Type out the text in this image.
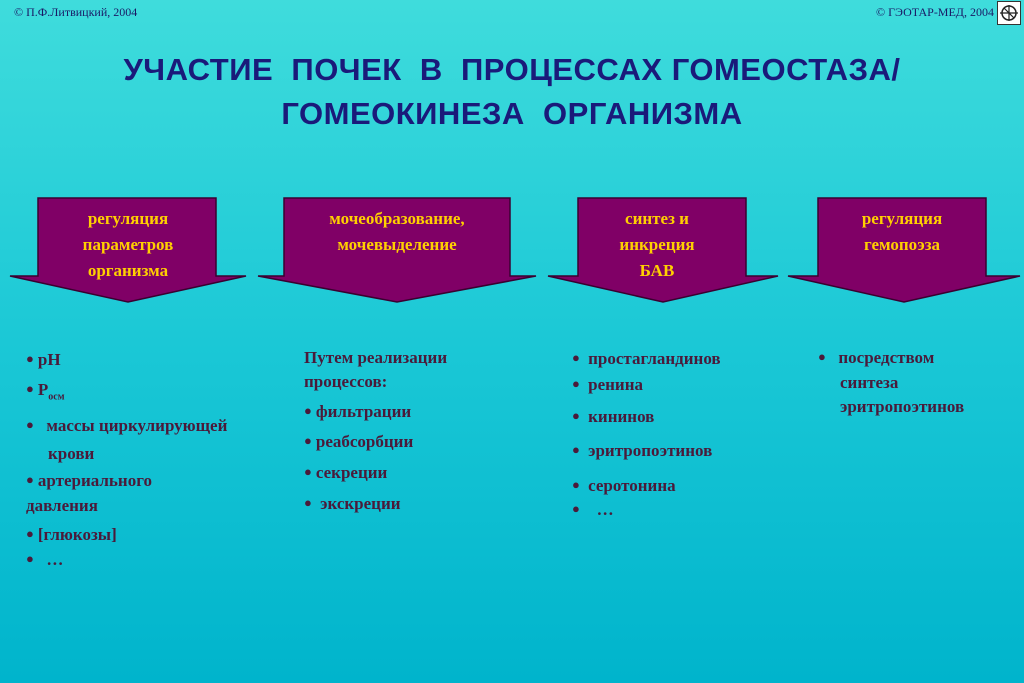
© П.Ф.Литвицкий, 2004	© ГЭОТАР-МЕД, 2004
УЧАСТИЕ  ПОЧЕК  В  ПРОЦЕССАХ ГОМЕОСТАЗА/
ГОМЕОКИНЕЗА  ОРГАНИЗМА
регуляция
параметров
организма
мочеобразование,
мочевыделение
синтез и
инкреция
БАВ
регуляция
гемопоэза
● pH
● $P_{осм}$
● массы циркулирующей
крови
● артериального
давления
● [глюкозы]
● …
Путем реализации
процессов:
● фильтрации
● реабсорбции
● секреции
● экскреции
● простагландинов
● ренина
● кининов
● эритропоэтинов
● серотонина
● …
● посредством
синтеза
эритропоэтинов
